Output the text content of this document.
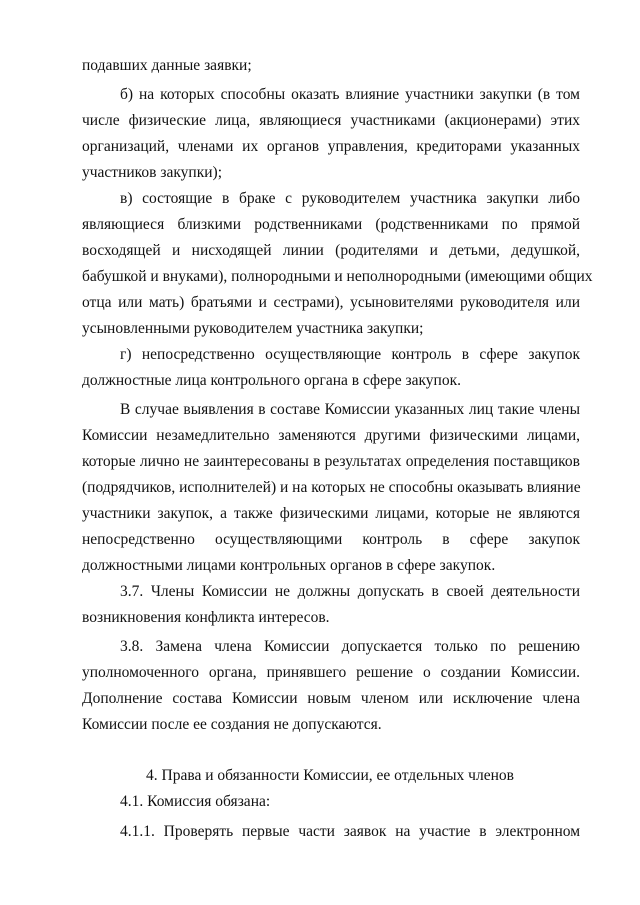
подавших данные заявки;
б) на которых способны оказать влияние участники закупки (в том
числе физические лица, являющиеся участниками (акционерами) этих
организаций, членами их органов управления, кредиторами указанных
участников закупки);
в) состоящие в браке с руководителем участника закупки либо
являющиеся близкими родственниками (родственниками по прямой
восходящей и нисходящей линии (родителями и детьми, дедушкой,
бабушкой и внуками), полнородными и неполнородными (имеющими общих
отца или мать) братьями и сестрами), усыновителями руководителя или
усыновленными руководителем участника закупки;
г) непосредственно осуществляющие контроль в сфере закупок
должностные лица контрольного органа в сфере закупок.
В случае выявления в составе Комиссии указанных лиц такие члены
Комиссии незамедлительно заменяются другими физическими лицами,
которые лично не заинтересованы в результатах определения поставщиков
(подрядчиков, исполнителей) и на которых не способны оказывать влияние
участники закупок, а также физическими лицами, которые не являются
непосредственно осуществляющими контроль в сфере закупок
должностными лицами контрольных органов в сфере закупок.
3.7. Члены Комиссии не должны допускать в своей деятельности
возникновения конфликта интересов.
3.8. Замена члена Комиссии допускается только по решению
уполномоченного органа, принявшего решение о создании Комиссии.
Дополнение состава Комиссии новым членом или исключение члена
Комиссии после ее создания не допускаются.
4. Права и обязанности Комиссии, ее отдельных членов
4.1. Комиссия обязана:
4.1.1. Проверять первые части заявок на участие в электронном
